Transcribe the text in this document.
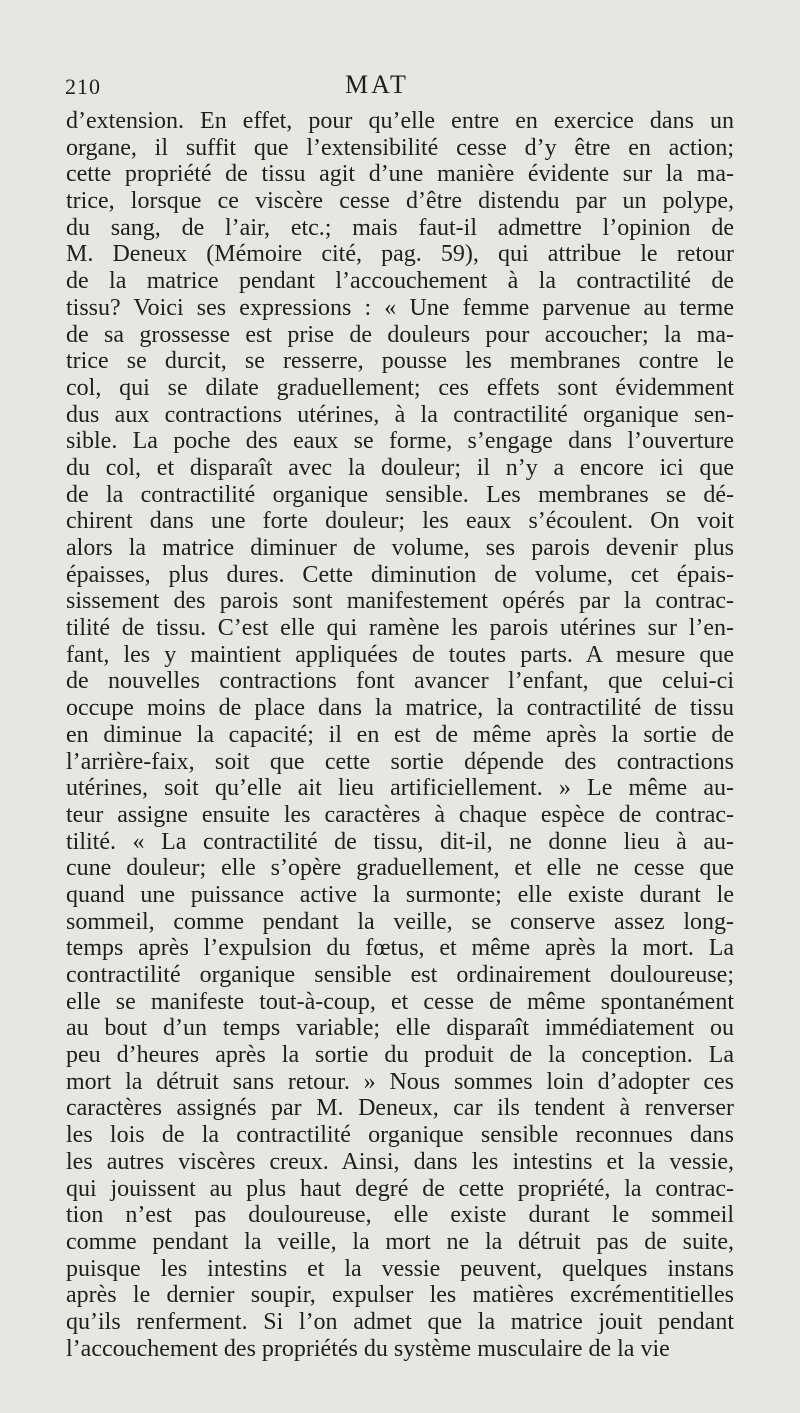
210	MAT
d’extension. En effet, pour qu’elle entre en exercice dans un
organe, il suffit que l’extensibilité cesse d’y être en action;
cette propriété de tissu agit d’une manière évidente sur la ma-
trice, lorsque ce viscère cesse d’être distendu par un polype,
du sang, de l’air, etc.; mais faut-il admettre l’opinion de
M. Deneux (Mémoire cité, pag. 59), qui attribue le retour
de la matrice pendant l’accouchement à la contractilité de
tissu? Voici ses expressions : « Une femme parvenue au terme
de sa grossesse est prise de douleurs pour accoucher; la ma-
trice se durcit, se resserre, pousse les membranes contre le
col, qui se dilate graduellement; ces effets sont évidemment
dus aux contractions utérines, à la contractilité organique sen-
sible. La poche des eaux se forme, s’engage dans l’ouverture
du col, et disparaît avec la douleur; il n’y a encore ici que
de la contractilité organique sensible. Les membranes se dé-
chirent dans une forte douleur; les eaux s’écoulent. On voit
alors la matrice diminuer de volume, ses parois devenir plus
épaisses, plus dures. Cette diminution de volume, cet épais-
sissement des parois sont manifestement opérés par la contrac-
tilité de tissu. C’est elle qui ramène les parois utérines sur l’en-
fant, les y maintient appliquées de toutes parts. A mesure que
de nouvelles contractions font avancer l’enfant, que celui-ci
occupe moins de place dans la matrice, la contractilité de tissu
en diminue la capacité; il en est de même après la sortie de
l’arrière-faix, soit que cette sortie dépende des contractions
utérines, soit qu’elle ait lieu artificiellement. » Le même au-
teur assigne ensuite les caractères à chaque espèce de contrac-
tilité. « La contractilité de tissu, dit-il, ne donne lieu à au-
cune douleur; elle s’opère graduellement, et elle ne cesse que
quand une puissance active la surmonte; elle existe durant le
sommeil, comme pendant la veille, se conserve assez long-
temps après l’expulsion du fœtus, et même après la mort. La
contractilité organique sensible est ordinairement douloureuse;
elle se manifeste tout-à-coup, et cesse de même spontanément
au bout d’un temps variable; elle disparaît immédiatement ou
peu d’heures après la sortie du produit de la conception. La
mort la détruit sans retour. » Nous sommes loin d’adopter ces
caractères assignés par M. Deneux, car ils tendent à renverser
les lois de la contractilité organique sensible reconnues dans
les autres viscères creux. Ainsi, dans les intestins et la vessie,
qui jouissent au plus haut degré de cette propriété, la contrac-
tion n’est pas douloureuse, elle existe durant le sommeil
comme pendant la veille, la mort ne la détruit pas de suite,
puisque les intestins et la vessie peuvent, quelques instans
après le dernier soupir, expulser les matières excrémentitielles
qu’ils renferment. Si l’on admet que la matrice jouit pendant
l’accouchement des propriétés du système musculaire de la vie
